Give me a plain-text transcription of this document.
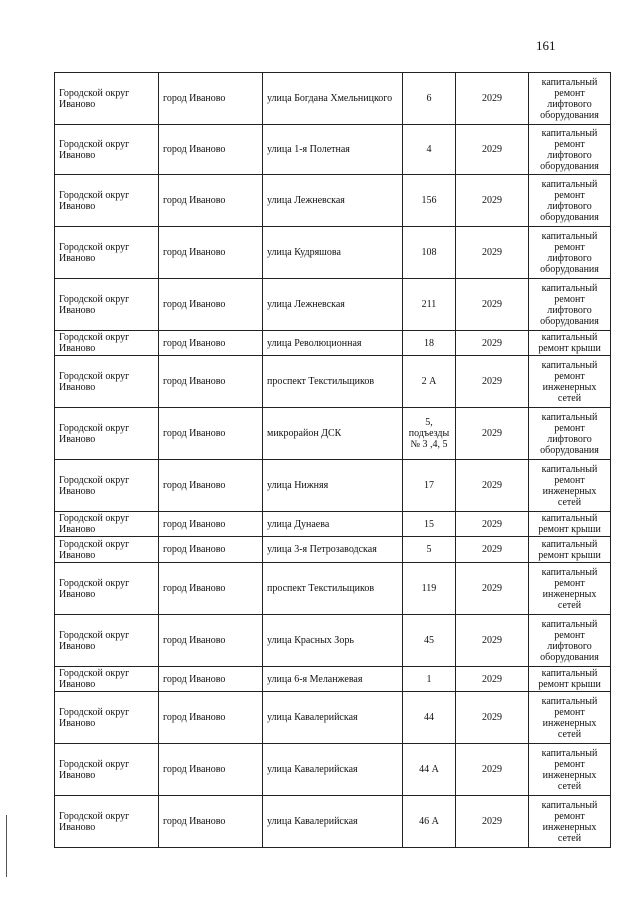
161
Городской округ Иваново	город Иваново	улица Богдана Хмельницкого	6	2029	капитальный ремонт лифтового оборудования
Городской округ Иваново	город Иваново	улица 1-я Полетная	4	2029	капитальный ремонт лифтового оборудования
Городской округ Иваново	город Иваново	улица Лежневская	156	2029	капитальный ремонт лифтового оборудования
Городской округ Иваново	город Иваново	улица Кудряшова	108	2029	капитальный ремонт лифтового оборудования
Городской округ Иваново	город Иваново	улица Лежневская	211	2029	капитальный ремонт лифтового оборудования
Городской округ Иваново	город Иваново	улица Революционная	18	2029	капитальный ремонт крыши
Городской округ Иваново	город Иваново	проспект Текстильщиков	2 А	2029	капитальный ремонт инженерных сетей
Городской округ Иваново	город Иваново	микрорайон ДСК	5, подъезды № 3 ,4, 5	2029	капитальный ремонт лифтового оборудования
Городской округ Иваново	город Иваново	улица Нижняя	17	2029	капитальный ремонт инженерных сетей
Городской округ Иваново	город Иваново	улица Дунаева	15	2029	капитальный ремонт крыши
Городской округ Иваново	город Иваново	улица 3-я Петрозаводская	5	2029	капитальный ремонт крыши
Городской округ Иваново	город Иваново	проспект Текстильщиков	119	2029	капитальный ремонт инженерных сетей
Городской округ Иваново	город Иваново	улица Красных Зорь	45	2029	капитальный ремонт лифтового оборудования
Городской округ Иваново	город Иваново	улица 6-я Меланжевая	1	2029	капитальный ремонт крыши
Городской округ Иваново	город Иваново	улица Кавалерийская	44	2029	капитальный ремонт инженерных сетей
Городской округ Иваново	город Иваново	улица Кавалерийская	44 А	2029	капитальный ремонт инженерных сетей
Городской округ Иваново	город Иваново	улица Кавалерийская	46 А	2029	капитальный ремонт инженерных сетей
